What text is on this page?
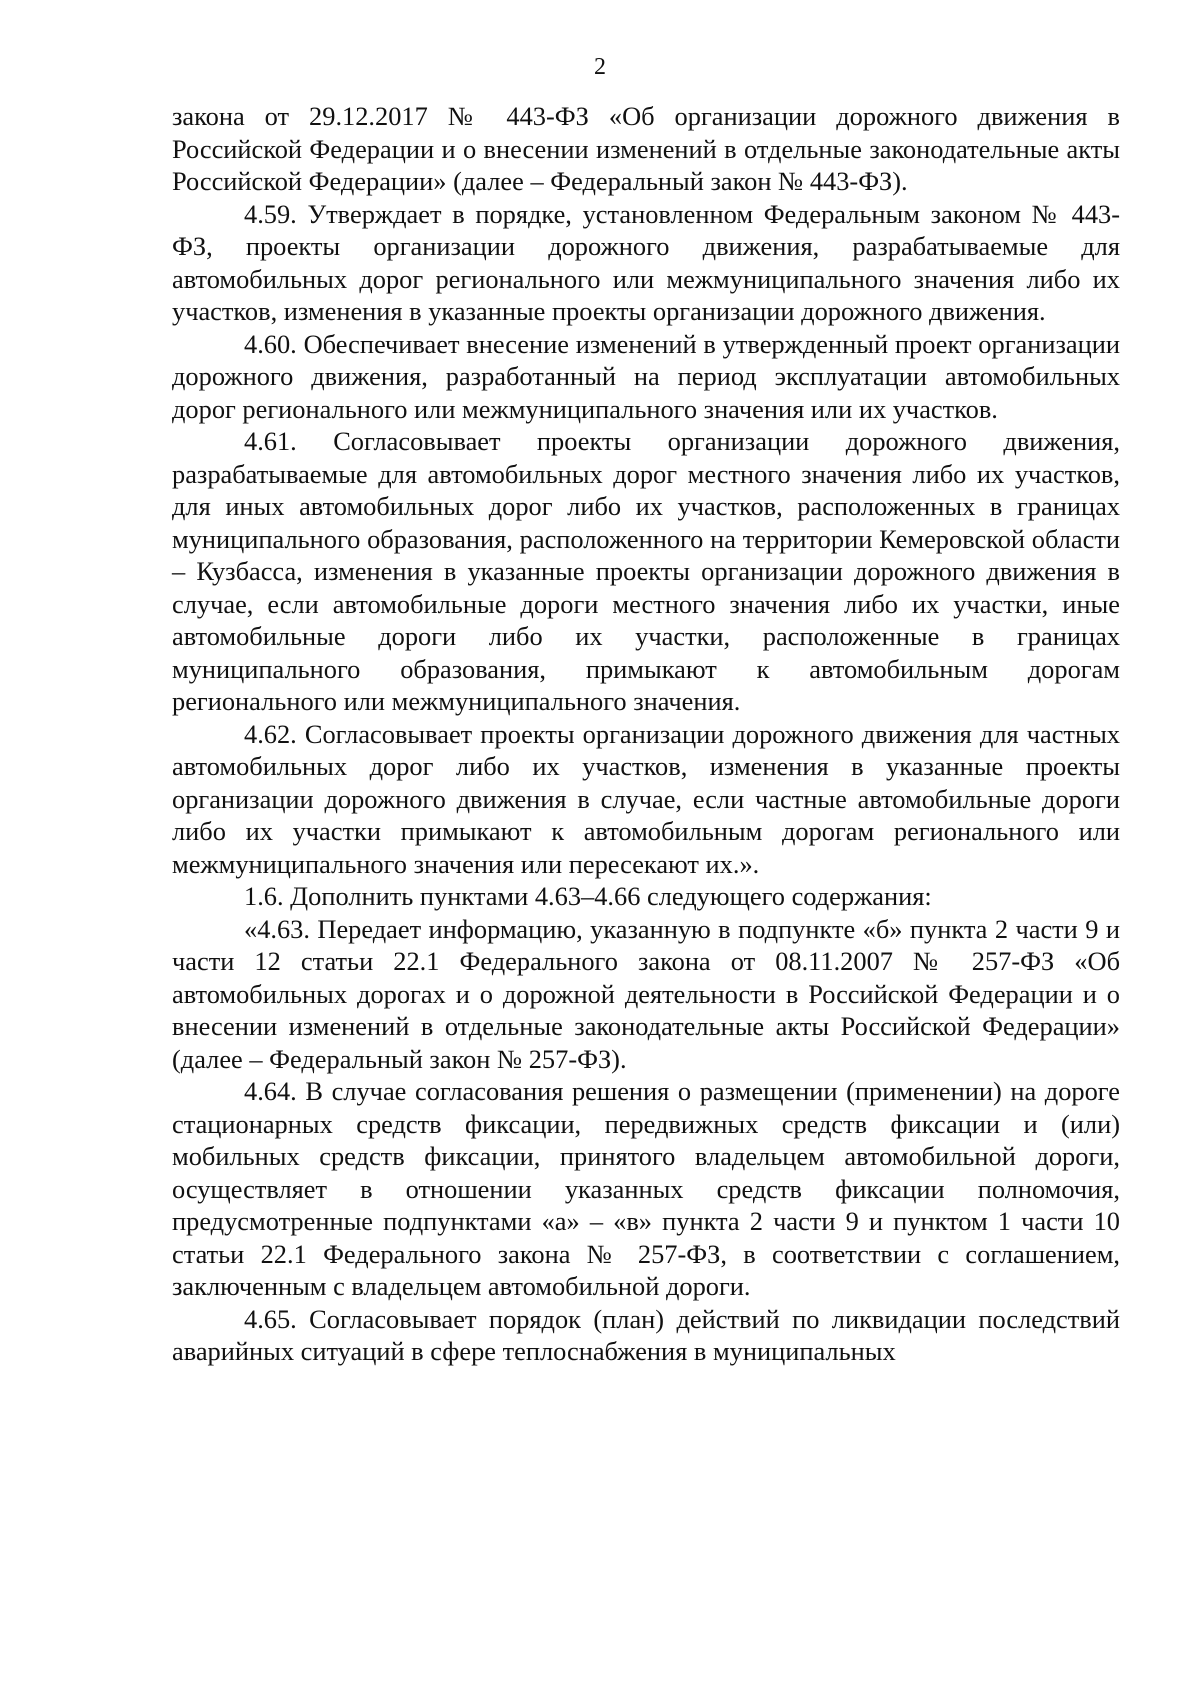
2

закона от 29.12.2017 № 443-ФЗ «Об организации дорожного движения в Российской Федерации и о внесении изменений в отдельные законодательные акты Российской Федерации» (далее – Федеральный закон № 443-ФЗ).

4.59. Утверждает в порядке, установленном Федеральным законом № 443-ФЗ, проекты организации дорожного движения, разрабатываемые для автомобильных дорог регионального или межмуниципального значения либо их участков, изменения в указанные проекты организации дорожного движения.

4.60. Обеспечивает внесение изменений в утвержденный проект организации дорожного движения, разработанный на период эксплуатации автомобильных дорог регионального или межмуниципального значения или их участков.

4.61. Согласовывает проекты организации дорожного движения, разрабатываемые для автомобильных дорог местного значения либо их участков, для иных автомобильных дорог либо их участков, расположенных в границах муниципального образования, расположенного на территории Кемеровской области – Кузбасса, изменения в указанные проекты организации дорожного движения в случае, если автомобильные дороги местного значения либо их участки, иные автомобильные дороги либо их участки, расположенные в границах муниципального образования, примыкают к автомобильным дорогам регионального или межмуниципального значения.

4.62. Согласовывает проекты организации дорожного движения для частных автомобильных дорог либо их участков, изменения в указанные проекты организации дорожного движения в случае, если частные автомобильные дороги либо их участки примыкают к автомобильным дорогам регионального или межмуниципального значения или пересекают их.».

1.6. Дополнить пунктами 4.63–4.66 следующего содержания:

«4.63. Передает информацию, указанную в подпункте «б» пункта 2 части 9 и части 12 статьи 22.1 Федерального закона от 08.11.2007 № 257-ФЗ «Об автомобильных дорогах и о дорожной деятельности в Российской Федерации и о внесении изменений в отдельные законодательные акты Российской Федерации» (далее – Федеральный закон № 257-ФЗ).

4.64. В случае согласования решения о размещении (применении) на дороге стационарных средств фиксации, передвижных средств фиксации и (или) мобильных средств фиксации, принятого владельцем автомобильной дороги, осуществляет в отношении указанных средств фиксации полномочия, предусмотренные подпунктами «а» – «в» пункта 2 части 9 и пунктом 1 части 10 статьи 22.1 Федерального закона № 257-ФЗ, в соответствии с соглашением, заключенным с владельцем автомобильной дороги.

4.65. Согласовывает порядок (план) действий по ликвидации последствий аварийных ситуаций в сфере теплоснабжения в муниципальных
